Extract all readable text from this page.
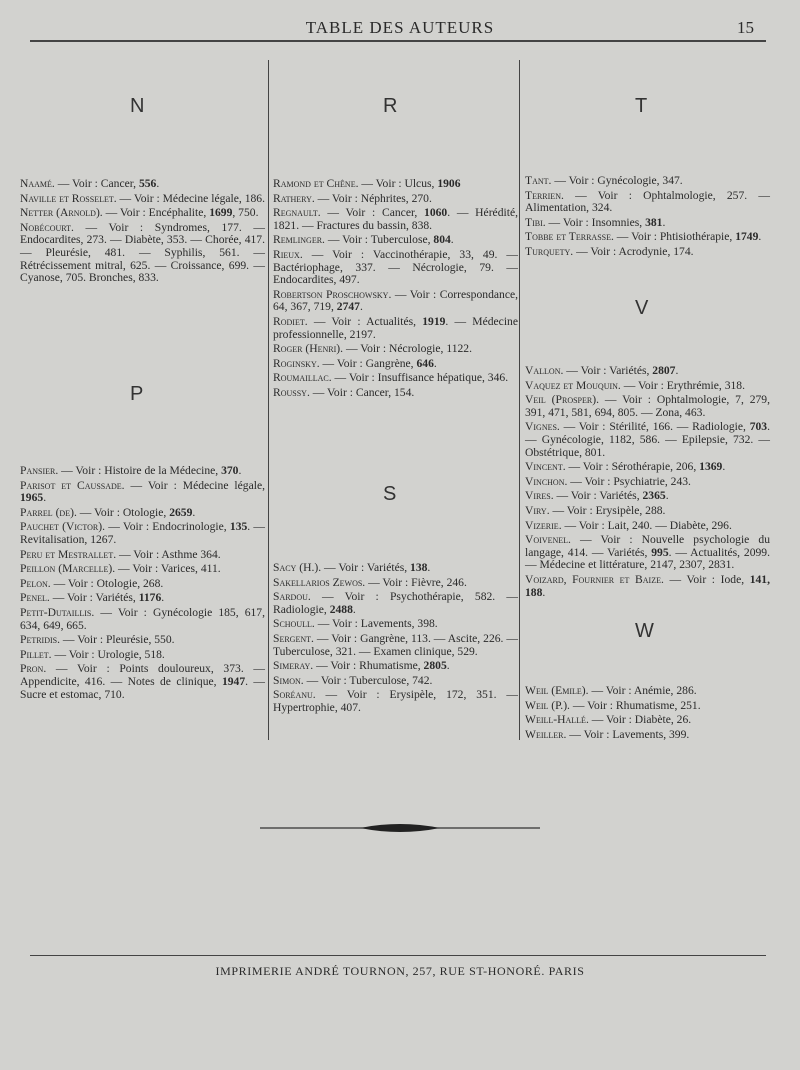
TABLE DES AUTEURS	15
N
Naamé. — Voir : Cancer, 556.
Naville et Rosselet. — Voir : Médecine légale, 186.
Netter (Arnold). — Voir : Encéphalite, 1699, 750.
Nobécourt. — Voir : Syndromes, 177. — Endocardites, 273. — Diabète, 353. — Chorée, 417. — Pleurésie, 481. — Syphilis, 561. — Rétrécissement mitral, 625. — Croissance, 699. — Cyanose, 705. Bronches, 833.
P
Pansier. — Voir : Histoire de la Médecine, 370.
Parisot et Caussade. — Voir : Médecine légale, 1965.
Parrel (de). — Voir : Otologie, 2659.
Pauchet (Victor). — Voir : Endocrinologie, 135. — Revitalisation, 1267.
Peru et Mestrallet. — Voir : Asthme 364.
Peillon (Marcelle). — Voir : Varices, 411.
Pelon. — Voir : Otologie, 268.
Penel. — Voir : Variétés, 1176.
Petit-Dutaillis. — Voir : Gynécologie 185, 617, 634, 649, 665.
Petridis. — Voir : Pleurésie, 550.
Pillet. — Voir : Urologie, 518.
Pron. — Voir : Points douloureux, 373. — Appendicite, 416. — Notes de clinique, 1947. — Sucre et estomac, 710.
R
Ramond et Chêne. — Voir : Ulcus, 1906
Rathery. — Voir : Néphrites, 270.
Regnault. — Voir : Cancer, 1060. — Hérédité, 1821. — Fractures du bassin, 838.
Remlinger. — Voir : Tuberculose, 804.
Rieux. — Voir : Vaccinothérapie, 33, 49. — Bactériophage, 337. — Nécrologie, 79. — Endocardites, 497.
Robertson Proschowsky. — Voir : Correspondance, 64, 367, 719, 2747.
Rodiet. — Voir : Actualités, 1919. — Médecine professionnelle, 2197.
Roger (Henri). — Voir : Nécrologie, 1122.
Roginsky. — Voir : Gangrène, 646.
Roumaillac. — Voir : Insuffisance hépatique, 346.
Roussy. — Voir : Cancer, 154.
S
Sacy (H.). — Voir : Variétés, 138.
Sakellarios Zewos. — Voir : Fièvre, 246.
Sardou. — Voir : Psychothérapie, 582. — Radiologie, 2488.
Schoull. — Voir : Lavements, 398.
Sergent. — Voir : Gangrène, 113. — Ascite, 226. — Tuberculose, 321. — Examen clinique, 529.
Simeray. — Voir : Rhumatisme, 2805.
Simon. — Voir : Tuberculose, 742.
Soréanu. — Voir : Erysipèle, 172, 351. — Hypertrophie, 407.
T
Tant. — Voir : Gynécologie, 347.
Terrien. — Voir : Ophtalmologie, 257. — Alimentation, 324.
Tibi. — Voir : Insomnies, 381.
Tobbe et Terrasse. — Voir : Phtisiothérapie, 1749.
Turquety. — Voir : Acrodynie, 174.
V
Vallon. — Voir : Variétés, 2807.
Vaquez et Mouquin. — Voir : Erythrémie, 318.
Veil (Prosper). — Voir : Ophtalmologie, 7, 279, 391, 471, 581, 694, 805. — Zona, 463.
Vignes. — Voir : Stérilité, 166. — Radiologie, 703. — Gynécologie, 1182, 586. — Epilepsie, 732. — Obstétrique, 801.
Vincent. — Voir : Sérothérapie, 206, 1369.
Vinchon. — Voir : Psychiatrie, 243.
Vires. — Voir : Variétés, 2365.
Viry. — Voir : Erysipèle, 288.
Vizerie. — Voir : Lait, 240. — Diabète, 296.
Voivenel. — Voir : Nouvelle psychologie du langage, 414. — Variétés, 995. — Actualités, 2099. — Médecine et littérature, 2147, 2307, 2831.
Voizard, Fournier et Baize. — Voir : Iode, 141, 188.
W
Weil (Emile). — Voir : Anémie, 286.
Weil (P.). — Voir : Rhumatisme, 251.
Weill-Hallé. — Voir : Diabète, 26.
Weiller. — Voir : Lavements, 399.
IMPRIMERIE ANDRÉ TOURNON, 257, RUE ST-HONORÉ. PARIS
